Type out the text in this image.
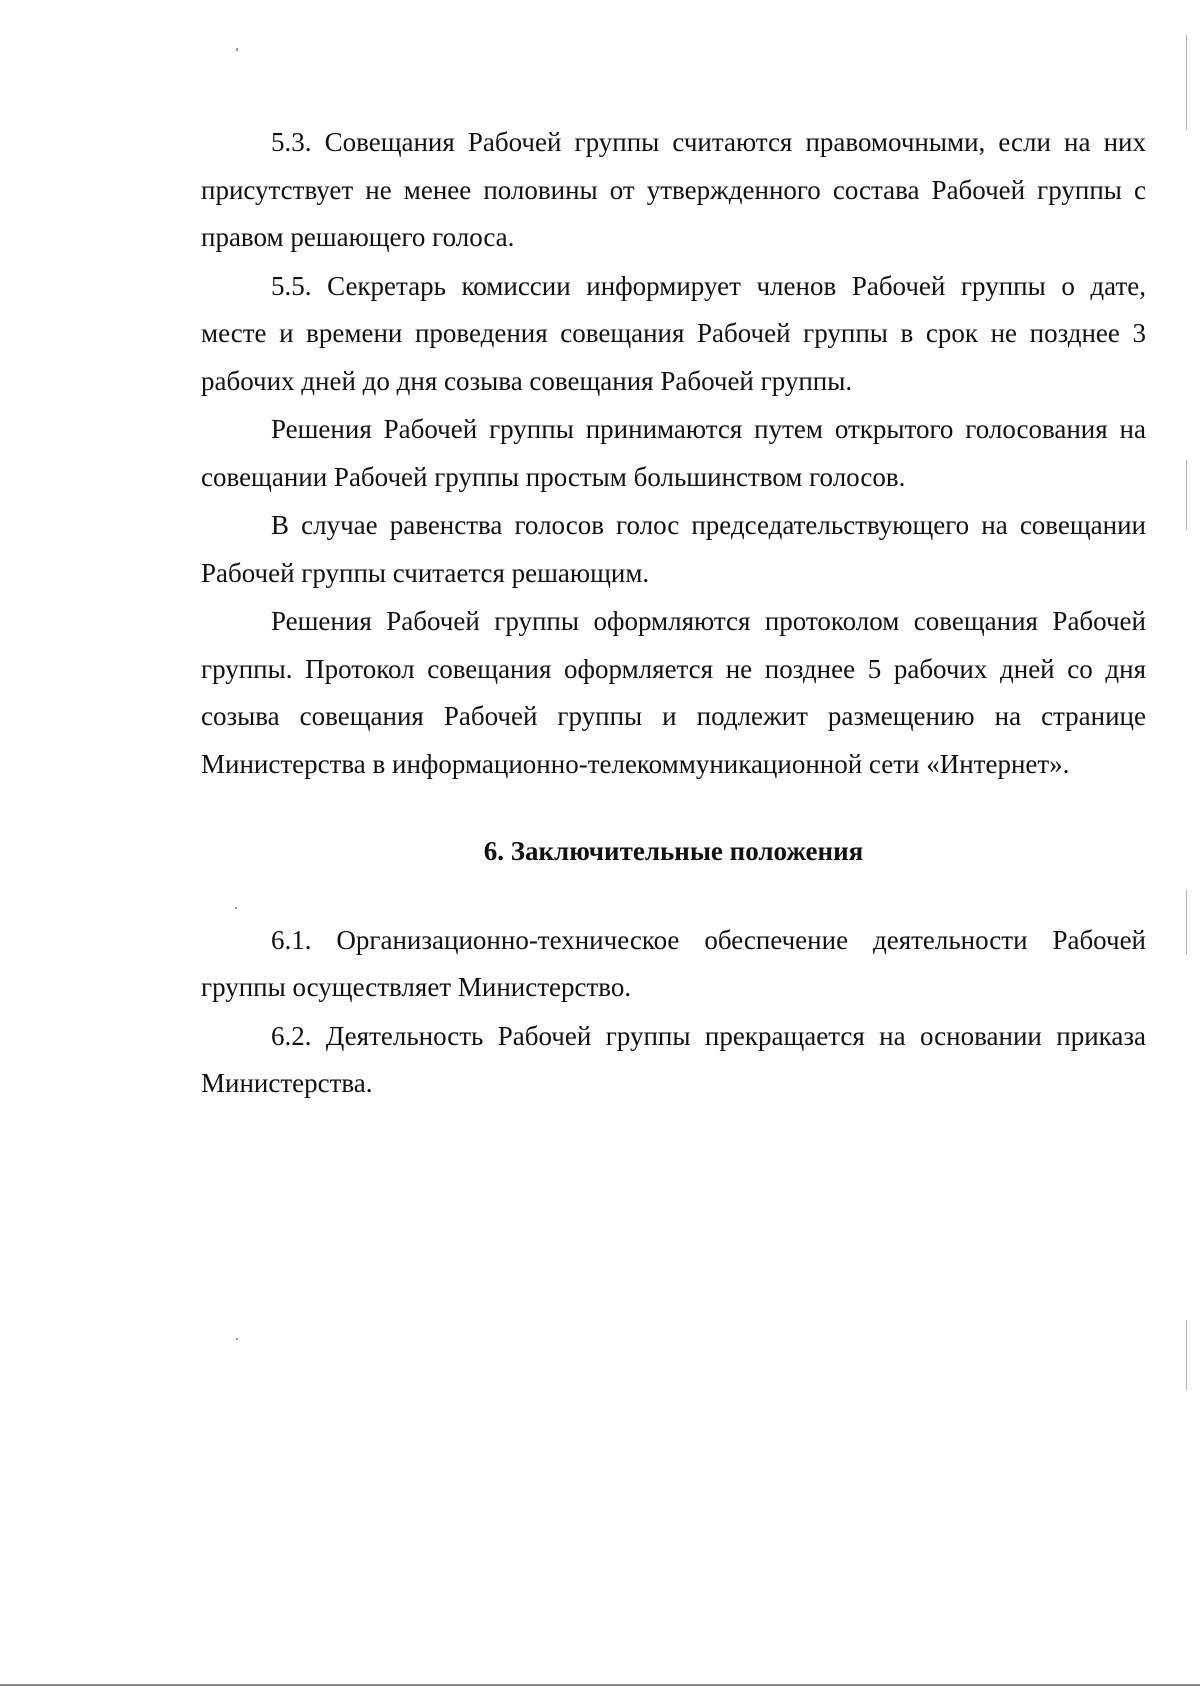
5.3. Совещания Рабочей группы считаются правомочными, если на них присутствует не менее половины от утвержденного состава Рабочей группы с правом решающего голоса.

5.5. Секретарь комиссии информирует членов Рабочей группы о дате, месте и времени проведения совещания Рабочей группы в срок не позднее 3 рабочих дней до дня созыва совещания Рабочей группы.

Решения Рабочей группы принимаются путем открытого голосования на совещании Рабочей группы простым большинством голосов.

В случае равенства голосов голос председательствующего на совещании Рабочей группы считается решающим.

Решения Рабочей группы оформляются протоколом совещания Рабочей группы. Протокол совещания оформляется не позднее 5 рабочих дней со дня созыва совещания Рабочей группы и подлежит размещению на странице Министерства в информационно-телекоммуникационной сети «Интернет».

6. Заключительные положения

6.1. Организационно-техническое обеспечение деятельности Рабочей группы осуществляет Министерство.

6.2. Деятельность Рабочей группы прекращается на основании приказа Министерства.
